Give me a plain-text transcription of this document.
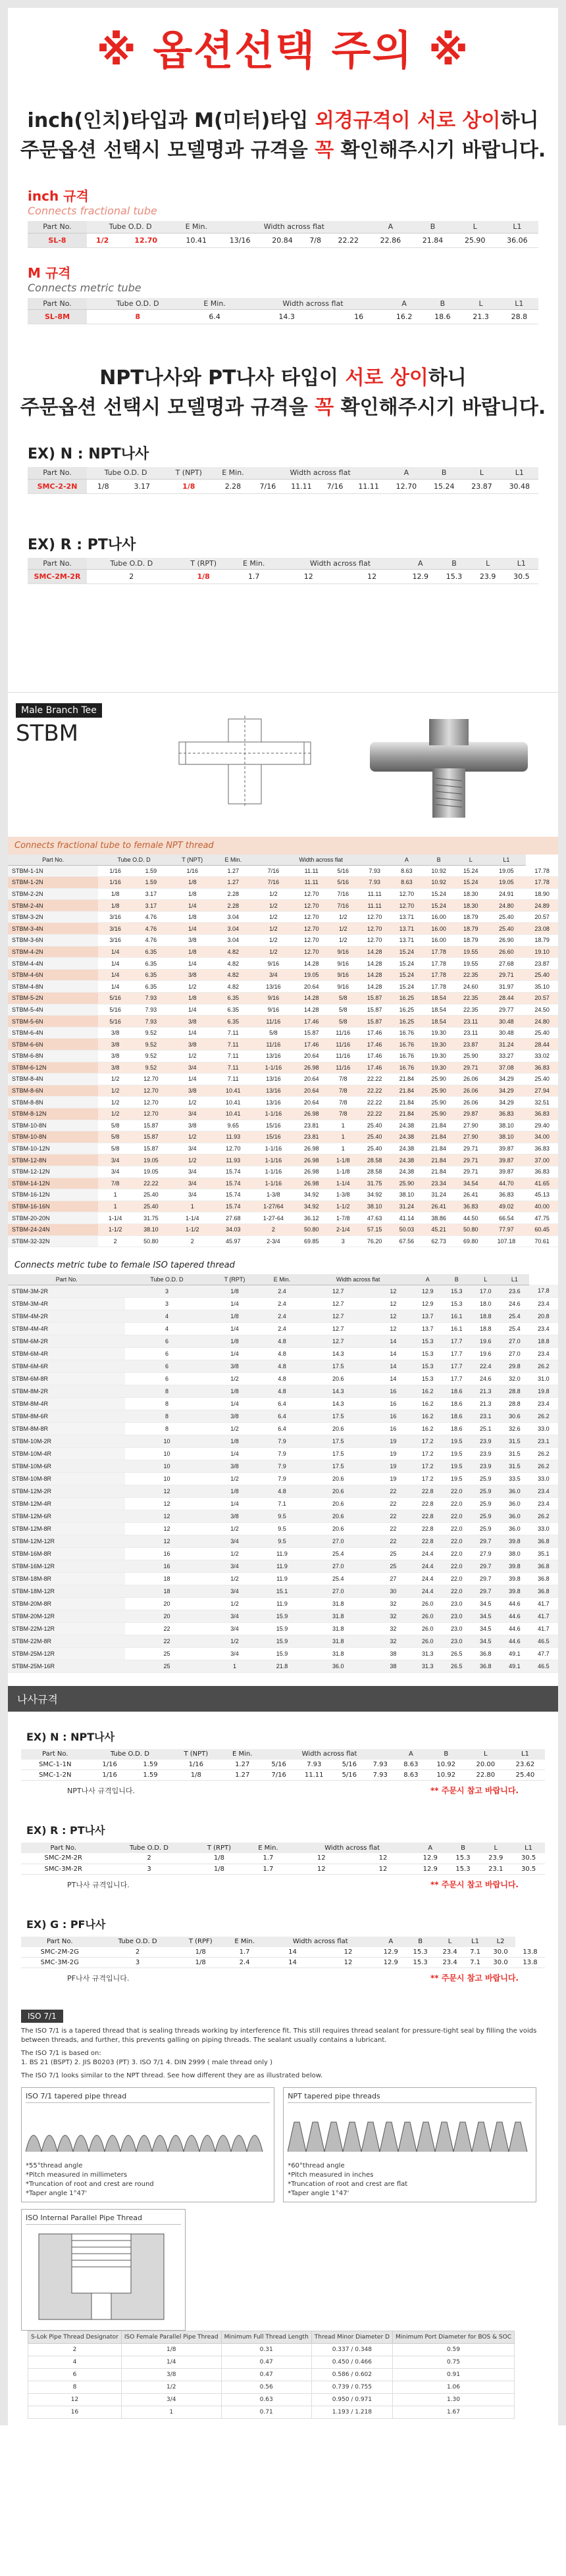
※ 옵션선택 주의 ※
inch(인치)타입과 M(미터)타입 외경규격이 서로 상이하니
주문옵션 선택시 모델명과 규격을 꼭 확인해주시기 바랍니다.
inch 규격
Connects fractional tube
Part No.	Tube O.D. D		E Min.	Width across flat				A	B	L	L1
SL-8	1/2	12.70	10.41	13/16	20.84	7/8	22.22	22.86	21.84	25.90	36.06
M 규격
Connects metric tube
Part No.	Tube O.D. D	E Min.	Width across flat		A	B	L	L1
SL-8M	8	6.4	14.3	16	16.2	18.6	21.3	28.8
NPT나사와 PT나사 타입이 서로 상이하니
주문옵션 선택시 모델명과 규격을 꼭 확인해주시기 바랍니다.
EX) N : NPT나사
Part No.	Tube O.D. D		T (NPT)	E Min.	Width across flat				A	B	L	L1
SMC-2-2N	1/8	3.17	1/8	2.28	7/16	11.11	7/16	11.11	12.70	15.24	23.87	30.48
EX) R : PT나사
Part No.	Tube O.D. D	T (RPT)	E Min.	Width across flat		A	B	L	L1
SMC-2M-2R	2	1/8	1.7	12	12	12.9	15.3	23.9	30.5
Male Branch Tee
STBM
Connects fractional tube to female NPT thread
Part No.	Tube O.D. D		T (NPT)	E Min.	Width across flat				A	B	L	L1	
STBM-1-1N	1/16	1.59	1/16	1.27	7/16	11.11	5/16	7.93	8.63	10.92	15.24	19.05	17.78
STBM-1-2N	1/16	1.59	1/8	1.27	7/16	11.11	5/16	7.93	8.63	10.92	15.24	19.05	17.78
STBM-2-2N	1/8	3.17	1/8	2.28	1/2	12.70	7/16	11.11	12.70	15.24	18.30	24.91	18.90
STBM-2-4N	1/8	3.17	1/4	2.28	1/2	12.70	7/16	11.11	12.70	15.24	18.30	24.80	24.89
STBM-3-2N	3/16	4.76	1/8	3.04	1/2	12.70	1/2	12.70	13.71	16.00	18.79	25.40	20.57
STBM-3-4N	3/16	4.76	1/4	3.04	1/2	12.70	1/2	12.70	13.71	16.00	18.79	25.40	23.08
STBM-3-6N	3/16	4.76	3/8	3.04	1/2	12.70	1/2	12.70	13.71	16.00	18.79	26.90	18.79
STBM-4-2N	1/4	6.35	1/8	4.82	1/2	12.70	9/16	14.28	15.24	17.78	19.55	26.60	19.10
STBM-4-4N	1/4	6.35	1/4	4.82	9/16	14.28	9/16	14.28	15.24	17.78	19.55	27.68	23.87
STBM-4-6N	1/4	6.35	3/8	4.82	3/4	19.05	9/16	14.28	15.24	17.78	22.35	29.71	25.40
STBM-4-8N	1/4	6.35	1/2	4.82	13/16	20.64	9/16	14.28	15.24	17.78	24.60	31.97	35.10
STBM-5-2N	5/16	7.93	1/8	6.35	9/16	14.28	5/8	15.87	16.25	18.54	22.35	28.44	20.57
STBM-5-4N	5/16	7.93	1/4	6.35	9/16	14.28	5/8	15.87	16.25	18.54	22.35	29.77	24.50
STBM-5-6N	5/16	7.93	3/8	6.35	11/16	17.46	5/8	15.87	16.25	18.54	23.11	30.48	24.80
STBM-6-4N	3/8	9.52	1/4	7.11	5/8	15.87	11/16	17.46	16.76	19.30	23.11	30.48	25.40
STBM-6-6N	3/8	9.52	3/8	7.11	11/16	17.46	11/16	17.46	16.76	19.30	23.87	31.24	28.44
STBM-6-8N	3/8	9.52	1/2	7.11	13/16	20.64	11/16	17.46	16.76	19.30	25.90	33.27	33.02
STBM-6-12N	3/8	9.52	3/4	7.11	1-1/16	26.98	11/16	17.46	16.76	19.30	29.71	37.08	36.83
STBM-8-4N	1/2	12.70	1/4	7.11	13/16	20.64	7/8	22.22	21.84	25.90	26.06	34.29	25.40
STBM-8-6N	1/2	12.70	3/8	10.41	13/16	20.64	7/8	22.22	21.84	25.90	26.06	34.29	27.94
STBM-8-8N	1/2	12.70	1/2	10.41	13/16	20.64	7/8	22.22	21.84	25.90	26.06	34.29	32.51
STBM-8-12N	1/2	12.70	3/4	10.41	1-1/16	26.98	7/8	22.22	21.84	25.90	29.87	36.83	36.83
STBM-10-8N	5/8	15.87	3/8	9.65	15/16	23.81	1	25.40	24.38	21.84	27.90	38.10	29.40
STBM-10-8N	5/8	15.87	1/2	11.93	15/16	23.81	1	25.40	24.38	21.84	27.90	38.10	34.00
STBM-10-12N	5/8	15.87	3/4	12.70	1-1/16	26.98	1	25.40	24.38	21.84	29.71	39.87	36.83
STBM-12-8N	3/4	19.05	1/2	11.93	1-1/16	26.98	1-1/8	28.58	24.38	21.84	29.71	39.87	37.00
STBM-12-12N	3/4	19.05	3/4	15.74	1-1/16	26.98	1-1/8	28.58	24.38	21.84	29.71	39.87	36.83
STBM-14-12N	7/8	22.22	3/4	15.74	1-1/16	26.98	1-1/4	31.75	25.90	23.34	34.54	44.70	41.65
STBM-16-12N	1	25.40	3/4	15.74	1-3/8	34.92	1-3/8	34.92	38.10	31.24	26.41	36.83	45.13
STBM-16-16N	1	25.40	1	15.74	1-27/64	34.92	1-1/2	38.10	31.24	26.41	36.83	49.02	40.00
STBM-20-20N	1-1/4	31.75	1-1/4	27.68	1-27-64	36.12	1-7/8	47.63	41.14	38.86	44.50	66.54	47.75
STBM-24-24N	1-1/2	38.10	1-1/2	34.03	2	50.80	2-1/4	57.15	50.03	45.21	50.80	77.97	60.45
STBM-32-32N	2	50.80	2	45.97	2-3/4	69.85	3	76.20	67.56	62.73	69.80	107.18	70.61
Connects metric tube to female ISO tapered thread
Part No.	Tube O.D. D	T (RPT)	E Min.	Width across flat		A	B	L	L1	
STBM-3M-2R	3	1/8	2.4	12.7	12	12.9	15.3	17.0	23.6	17.8
STBM-3M-4R	3	1/4	2.4	12.7	12	12.9	15.3	18.0	24.6	23.4
STBM-4M-2R	4	1/8	2.4	12.7	12	13.7	16.1	18.8	25.4	20.8
STBM-4M-4R	4	1/4	2.4	12.7	12	13.7	16.1	18.8	25.4	23.4
STBM-6M-2R	6	1/8	4.8	12.7	14	15.3	17.7	19.6	27.0	18.8
STBM-6M-4R	6	1/4	4.8	14.3	14	15.3	17.7	19.6	27.0	23.4
STBM-6M-6R	6	3/8	4.8	17.5	14	15.3	17.7	22.4	29.8	26.2
STBM-6M-8R	6	1/2	4.8	20.6	14	15.3	17.7	24.6	32.0	31.0
STBM-8M-2R	8	1/8	4.8	14.3	16	16.2	18.6	21.3	28.8	19.8
STBM-8M-4R	8	1/4	6.4	14.3	16	16.2	18.6	21.3	28.8	23.4
STBM-8M-6R	8	3/8	6.4	17.5	16	16.2	18.6	23.1	30.6	26.2
STBM-8M-8R	8	1/2	6.4	20.6	16	16.2	18.6	25.1	32.6	33.0
STBM-10M-2R	10	1/8	7.9	17.5	19	17.2	19.5	23.9	31.5	23.1
STBM-10M-4R	10	1/4	7.9	17.5	19	17.2	19.5	23.9	31.5	26.2
STBM-10M-6R	10	3/8	7.9	17.5	19	17.2	19.5	23.9	31.5	26.2
STBM-10M-8R	10	1/2	7.9	20.6	19	17.2	19.5	25.9	33.5	33.0
STBM-12M-2R	12	1/8	4.8	20.6	22	22.8	22.0	25.9	36.0	23.4
STBM-12M-4R	12	1/4	7.1	20.6	22	22.8	22.0	25.9	36.0	23.4
STBM-12M-6R	12	3/8	9.5	20.6	22	22.8	22.0	25.9	36.0	26.2
STBM-12M-8R	12	1/2	9.5	20.6	22	22.8	22.0	25.9	36.0	33.0
STBM-12M-12R	12	3/4	9.5	27.0	22	22.8	22.0	29.7	39.8	36.8
STBM-16M-8R	16	1/2	11.9	25.4	25	24.4	22.0	27.9	38.0	35.1
STBM-16M-12R	16	3/4	11.9	27.0	25	24.4	22.0	29.7	39.8	36.8
STBM-18M-8R	18	1/2	11.9	25.4	27	24.4	22.0	29.7	39.8	36.8
STBM-18M-12R	18	3/4	15.1	27.0	30	24.4	22.0	29.7	39.8	36.8
STBM-20M-8R	20	1/2	11.9	31.8	32	26.0	23.0	34.5	44.6	41.7
STBM-20M-12R	20	3/4	15.9	31.8	32	26.0	23.0	34.5	44.6	41.7
STBM-22M-12R	22	3/4	15.9	31.8	32	26.0	23.0	34.5	44.6	41.7
STBM-22M-8R	22	1/2	15.9	31.8	32	26.0	23.0	34.5	44.6	46.5
STBM-25M-12R	25	3/4	15.9	31.8	38	31.3	26.5	36.8	49.1	47.7
STBM-25M-16R	25	1	21.8	36.0	38	31.3	26.5	36.8	49.1	46.5
나사규격
EX) N : NPT나사
Part No.	Tube O.D. D		T (NPT)	E Min.	Width across flat				A	B	L	L1
SMC-1-1N	1/16	1.59	1/16	1.27	5/16	7.93	5/16	7.93	8.63	10.92	20.00	23.62
SMC-1-2N	1/16	1.59	1/8	1.27	7/16	11.11	5/16	7.93	8.63	10.92	22.80	25.40
** 주문시 참고 바랍니다.
NPT나사 규격입니다.
EX) R : PT나사
Part No.	Tube O.D. D	T (RPT)	E Min.	Width across flat		A	B	L	L1
SMC-2M-2R	2	1/8	1.7	12	12	12.9	15.3	23.9	30.5
SMC-3M-2R	3	1/8	1.7	12	12	12.9	15.3	23.1	30.5
** 주문시 참고 바랍니다.
PT나사 규격입니다.
EX) G : PF나사
Part No.	Tube O.D. D	T (RPF)	E Min.	Width across flat		A	B	L	L1	L2	
SMC-2M-2G	2	1/8	1.7	14	12	12.9	15.3	23.4	7.1	30.0	13.8
SMC-3M-2G	3	1/8	2.4	14	12	12.9	15.3	23.4	7.1	30.0	13.8
** 주문시 참고 바랍니다.
PF나사 규격입니다.
ISO 7/1

The ISO 7/1 is a tapered thread that is sealing threads working by interference fit. This still requires thread sealant for pressure-tight seal by filling the voids between threads, and further, this prevents galling on piping threads. The sealant usually contains a lubricant.

The ISO 7/1 is based on:

1. BS 21 (BSPT) 2. JIS B0203 (PT) 3. ISO 7/1 4. DIN 2999 ( male thread only )

The ISO 7/1 looks similar to the NPT thread. See how different they are as illustrated below.

ISO 7/1 tapered pipe thread
*55°thread angle
*Pitch measured in millimeters
*Truncation of root and crest are round
*Taper angle 1°47'

NPT tapered pipe threads
*60°thread angle
*Pitch measured in inches
*Truncation of root and crest are flat
*Taper angle 1°47'
ISO Internal Parallel Pipe Thread
S-Lok Pipe Thread Designator	ISO Female Parallel Pipe Thread	Minimum Full Thread Length	Thread Minor Diameter D	Minimum Port Diameter for BOS & SOC
2	1/8	0.31	0.337 / 0.348	0.59
4	1/4	0.47	0.450 / 0.466	0.75
6	3/8	0.47	0.586 / 0.602	0.91
8	1/2	0.56	0.739 / 0.755	1.06
12	3/4	0.63	0.950 / 0.971	1.30
16	1	0.71	1.193 / 1.218	1.67
